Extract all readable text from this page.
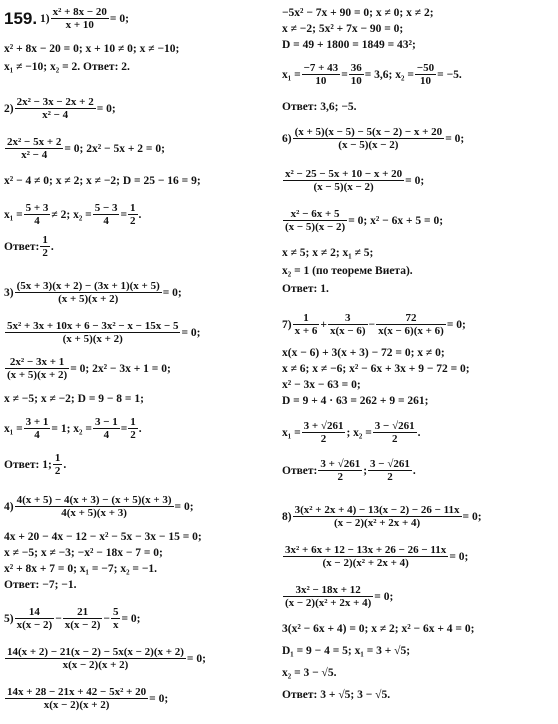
159. $1) \frac{\text{x² + 8x − 20}}{x + 10} = 0$;
x² + 8x − 20 = 0; x + 10 ≠ 0; x ≠ −10;
x₁ ≠ −10; x₂ = 2. Ответ: 2.
$2) \frac{\text{2x² − 3x − 2x + 2}}{\text{x² − 4}} = 0$;
$\frac{\text{2x² − 5x + 2}}{\text{x² − 4}} = 0$; 2x² − 5x + 2 = 0;
x² − 4 ≠ 0; x ≠ 2; x ≠ −2; D = 25 − 16 = 9;
$x_1 = \frac{5 + 3}{4} \ne 2$; $x_2 = \frac{5 - 3}{4} = \frac{1}{2}$ .
Ответ: $\frac{1}{2}$ .
$3) \frac{(5x + 3)(x + 2) - (3x + 1)(x + 5)}{(x + 5)(x + 2)} = 0$;
$\frac{\text{5x² + 3x + 10x + 6 − 3x² − x − 15x − 5}}{(x + 5)(x + 2)} = 0$;
$\frac{\text{2x² − 3x + 1}}{(x + 5)(x + 2)} = 0$; 2x² − 3x + 1 = 0;
x ≠ −5; x ≠ −2; D = 9 − 8 = 1;
$x_1 = \frac{3 + 1}{4} = 1$; $x_2 = \frac{3 - 1}{4} = \frac{1}{2}$ .
Ответ: 1; $\frac{1}{2}$ .
$4) \frac{4(x + 5) - 4(x + 3) - (x + 5)(x + 3)}{4(x + 5)(x + 3)} = 0$;
4x + 20 − 4x − 12 − x² − 5x − 3x − 15 = 0;
x ≠ −5; x ≠ −3; −x² − 18x − 7 = 0;
x² + 8x + 7 = 0; x₁ = −7; x₂ = −1.
Ответ: −7; −1.
$5) \frac{14}{x(x - 2)} - \frac{21}{x(x - 2)} - \frac{5}{x} = 0$;
$\frac{14(x + 2) - 21(x - 2) - 5x(x - 2)(x + 2)}{x(x - 2)(x + 2)} = 0$;
$\frac{\text{14x + 28 − 21x + 42 − 5x² + 20}}{x(x - 2)(x + 2)} = 0$;
−5x² − 7x + 90 = 0; x ≠ 0; x ≠ 2;
x ≠ −2; 5x² + 7x − 90 = 0;
D = 49 + 1800 = 1849 = 43²;
$x_1 = \frac{-7 + 43}{10} = \frac{36}{10} = 3,6$; $x_2 = \frac{-50}{10} = -5$.
Ответ: 3,6; −5.
$6) \frac{(x + 5)(x - 5) - 5(x - 2) - x + 20}{(x - 5)(x - 2)} = 0$;
$\frac{\text{x² − 25 − 5x + 10 − x + 20}}{(x - 5)(x - 2)} = 0$;
$\frac{\text{x² − 6x + 5}}{(x - 5)(x - 2)} = 0$; x² − 6x + 5 = 0;
x ≠ 5; x ≠ 2; x₁ ≠ 5;
x₂ = 1 (по теореме Виета).
Ответ: 1.
$7) \frac{1}{x + 6} + \frac{3}{x(x - 6)} - \frac{72}{x(x - 6)(x + 6)} = 0$;
x(x − 6) + 3(x + 3) − 72 = 0; x ≠ 0;
x ≠ 6; x ≠ −6; x² − 6x + 3x + 9 − 72 = 0;
x² − 3x − 63 = 0;
D = 9 + 4 · 63 = 262 + 9 = 261;
$x_1 = \frac{3 + √261}{2}$ ; $x_2 = \frac{3 - √261}{2}$ .
Ответ: $\frac{3 + √261}{2}$ ; $\frac{3 - √261}{2}$ .
$8) \frac{\text{3(x² + 2x + 4) − 13(x − 2) − 26 − 11x}}{\text{(x − 2)(x² + 2x + 4)}} = 0$;
$\frac{\text{3x² + 6x + 12 − 13x + 26 − 26 − 11x}}{\text{(x − 2)(x² + 2x + 4)}} = 0$;
$\frac{\text{3x² − 18x + 12}}{\text{(x − 2)(x² + 2x + 4)}} = 0$;
3(x² − 6x + 4) = 0; x ≠ 2; x² − 6x + 4 = 0;
D₁ = 9 − 4 = 5; x₁ = 3 + √5;
x₂ = 3 − √5.
Ответ: 3 + √5; 3 − √5.
